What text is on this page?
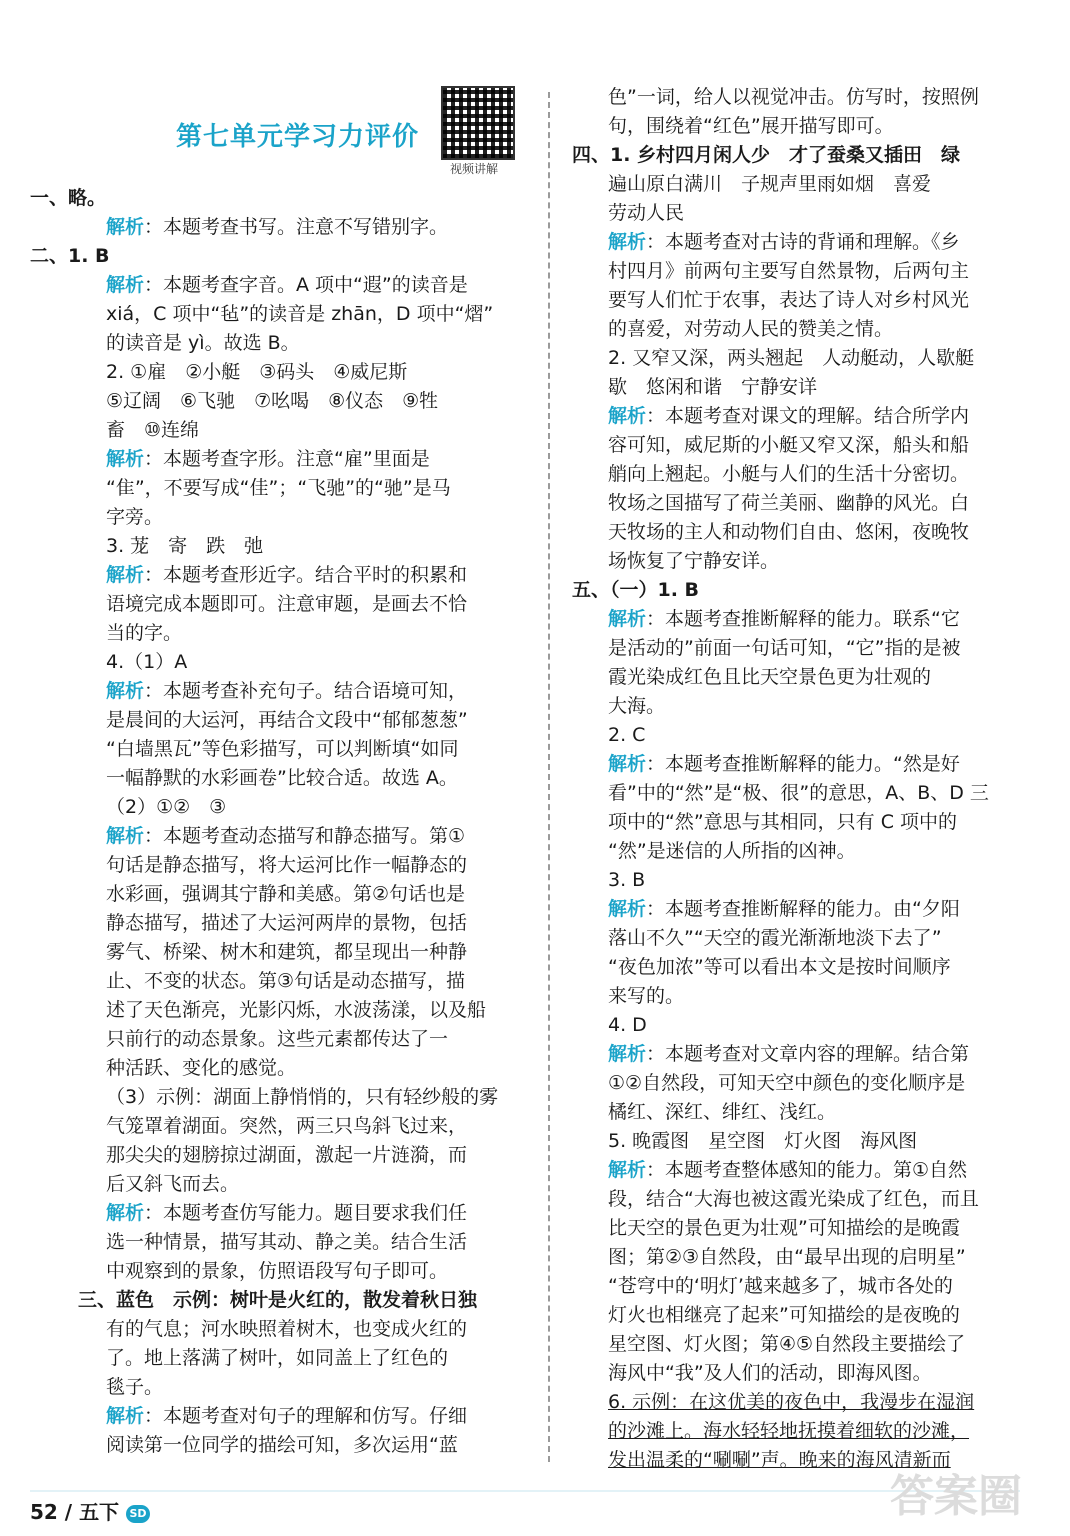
一、略。
解析：本题考查书写。注意不写错别字。
二、1. B
解析：本题考查字音。A 项中“遐”的读音是
xiá，C 项中“毡”的读音是 zhān，D 项中“熠”
的读音是 yì。故选 B。
2. ①雇　②小艇　③码头　④威尼斯
⑤辽阔　⑥飞驰　⑦吆喝　⑧仪态　⑨牲
畜　⑩连绵
解析：本题考查字形。注意“雇”里面是
“隹”，不要写成“佳”；“飞驰”的“驰”是马
字旁。
3. 茏　寄　跌　弛
解析：本题考查形近字。结合平时的积累和
语境完成本题即可。注意审题，是画去不恰
当的字。
4.（1）A
解析：本题考查补充句子。结合语境可知，
是晨间的大运河，再结合文段中“郁郁葱葱”
“白墙黑瓦”等色彩描写，可以判断填“如同
一幅静默的水彩画卷”比较合适。故选 A。
（2）①②　③
解析：本题考查动态描写和静态描写。第①
句话是静态描写，将大运河比作一幅静态的
水彩画，强调其宁静和美感。第②句话也是
静态描写，描述了大运河两岸的景物，包括
雾气、桥梁、树木和建筑，都呈现出一种静
止、不变的状态。第③句话是动态描写，描
述了天色渐亮，光影闪烁，水波荡漾，以及船
只前行的动态景象。这些元素都传达了一
种活跃、变化的感觉。
（3）示例：湖面上静悄悄的，只有轻纱般的雾
气笼罩着湖面。突然，两三只鸟斜飞过来，
那尖尖的翅膀掠过湖面，激起一片涟漪，而
后又斜飞而去。
解析：本题考查仿写能力。题目要求我们任
选一种情景，描写其动、静之美。结合生活
中观察到的景象，仿照语段写句子即可。
三、蓝色　示例：树叶是火红的，散发着秋日独
有的气息；河水映照着树木，也变成火红的
了。地上落满了树叶，如同盖上了红色的
毯子。
解析：本题考查对句子的理解和仿写。仔细
阅读第一位同学的描绘可知，多次运用“蓝
色”一词，给人以视觉冲击。仿写时，按照例
句，围绕着“红色”展开描写即可。
四、1. 乡村四月闲人少　才了蚕桑又插田　绿
遍山原白满川　子规声里雨如烟　喜爱
劳动人民
解析：本题考查对古诗的背诵和理解。《乡
村四月》前两句主要写自然景物，后两句主
要写人们忙于农事，表达了诗人对乡村风光
的喜爱，对劳动人民的赞美之情。
2. 又窄又深，两头翘起　人动艇动，人歇艇
歇　悠闲和谐　宁静安详
解析：本题考查对课文的理解。结合所学内
容可知，威尼斯的小艇又窄又深，船头和船
艄向上翘起。小艇与人们的生活十分密切。
牧场之国描写了荷兰美丽、幽静的风光。白
天牧场的主人和动物们自由、悠闲，夜晚牧
场恢复了宁静安详。
五、（一）1. B
解析：本题考查推断解释的能力。联系“它
是活动的”前面一句话可知，“它”指的是被
霞光染成红色且比天空景色更为壮观的
大海。
2. C
解析：本题考查推断解释的能力。“然是好
看”中的“然”是“极、很”的意思，A、B、D 三
项中的“然”意思与其相同，只有 C 项中的
“然”是迷信的人所指的凶神。
3. B
解析：本题考查推断解释的能力。由“夕阳
落山不久”“天空的霞光渐渐地淡下去了”
“夜色加浓”等可以看出本文是按时间顺序
来写的。
4. D
解析：本题考查对文章内容的理解。结合第
①②自然段，可知天空中颜色的变化顺序是
橘红、深红、绯红、浅红。
5. 晚霞图　星空图　灯火图　海风图
解析：本题考查整体感知的能力。第①自然
段，结合“大海也被这霞光染成了红色，而且
比天空的景色更为壮观”可知描绘的是晚霞
图；第②③自然段，由“最早出现的启明星”
“苍穹中的‘明灯’越来越多了，城市各处的
灯火也相继亮了起来”可知描绘的是夜晚的
星空图、灯火图；第④⑤自然段主要描绘了
海风中“我”及人们的活动，即海风图。
6. 示例：在这优美的夜色中，我漫步在湿润
的沙滩上。海水轻轻地抚摸着细软的沙滩，
发出温柔的“唰唰”声。晚来的海风清新而
第七单元学习力评价
视频讲解
52 / 五下 SD	答案圈
